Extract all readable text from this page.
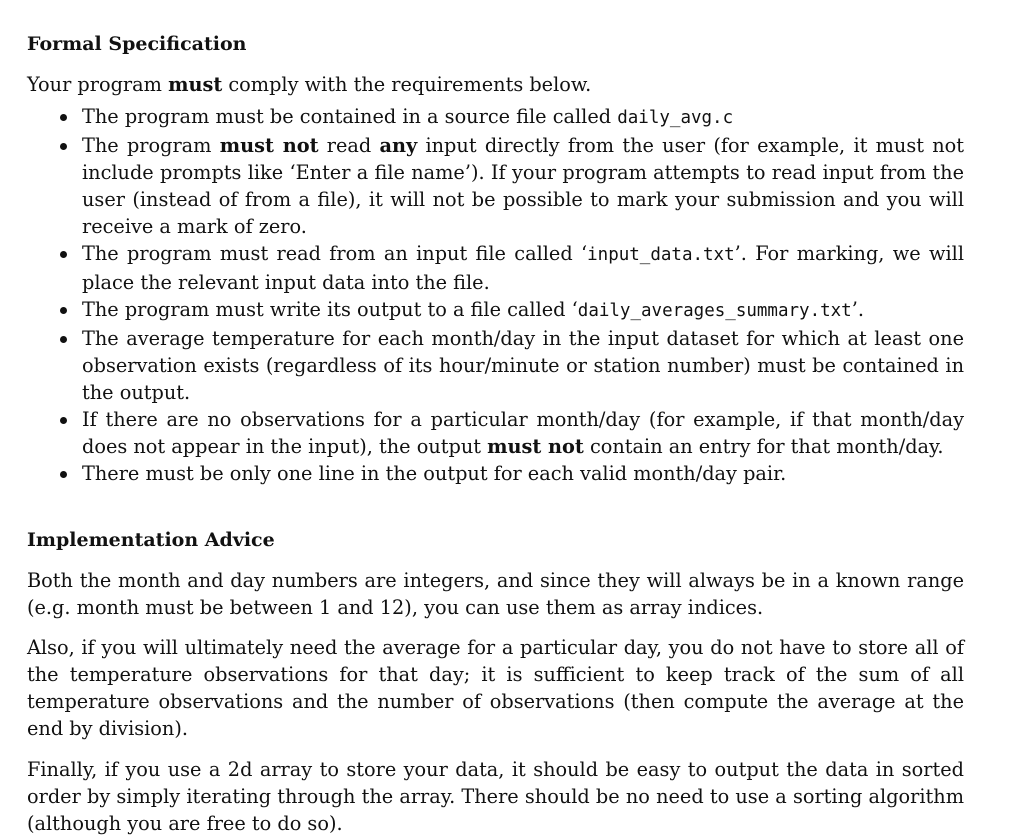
Formal Specification

Your program must comply with the requirements below.

The program must be contained in a source file called daily_avg.c
The program must not read any input directly from the user (for example, it must not include prompts like ‘Enter a file name’). If your program attempts to read input from the user (instead of from a file), it will not be possible to mark your submission and you will receive a mark of zero.
The program must read from an input file called ‘input_data.txt’. For marking, we will place the relevant input data into the file.
The program must write its output to a file called ‘daily_averages_summary.txt’.
The average temperature for each month/day in the input dataset for which at least one observation exists (regardless of its hour/minute or station number) must be contained in the output.
If there are no observations for a particular month/day (for example, if that month/day does not appear in the input), the output must not contain an entry for that month/day.
There must be only one line in the output for each valid month/day pair.
Implementation Advice

Both the month and day numbers are integers, and since they will always be in a known range (e.g. month must be between 1 and 12), you can use them as array indices.

Also, if you will ultimately need the average for a particular day, you do not have to store all of the temperature observations for that day; it is sufficient to keep track of the sum of all temperature observations and the number of observations (then compute the average at the end by division).

Finally, if you use a 2d array to store your data, it should be easy to output the data in sorted order by simply iterating through the array. There should be no need to use a sorting algorithm (although you are free to do so).
